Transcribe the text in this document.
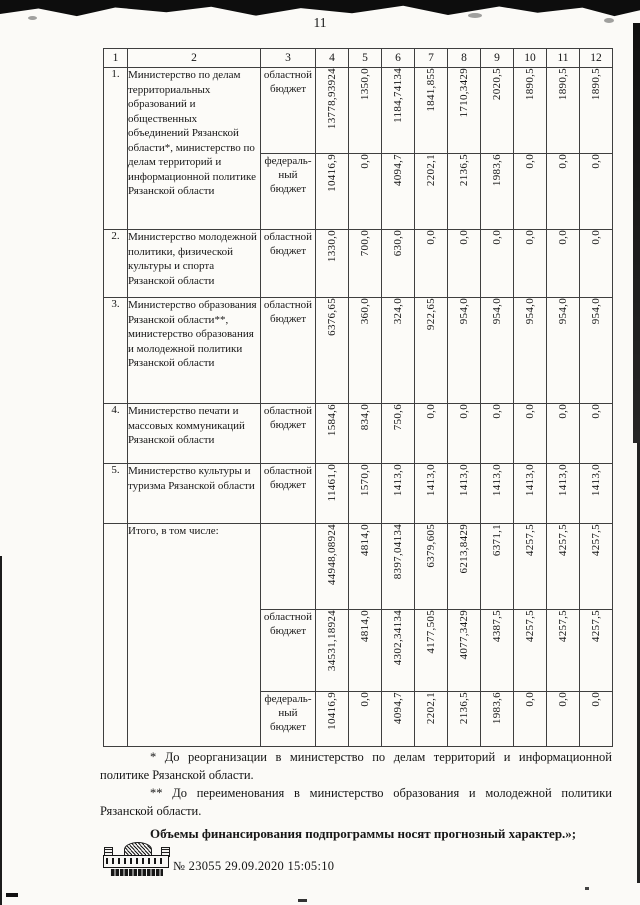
11
1	2	3	4	5	6	7	8	9	10	11	12
1.	Министерство по делам территориальных образований и общественных объединений Рязанской области*, министерство по делам территорий и информационной политике Рязанской области	областной бюджет	13778,93924	1350,0	1184,74134	1841,855	1710,3429	2020,5	1890,5	1890,5	1890,5
		федераль-ный бюджет	10416,9	0,0	4094,7	2202,1	2136,5	1983,6	0,0	0,0	0,0
2.	Министерство молодежной политики, физической культуры и спорта Рязанской области	областной бюджет	1330,0	700,0	630,0	0,0	0,0	0,0	0,0	0,0	0,0
3.	Министерство образования Рязанской области**, министерство образования и молодежной политики Рязанской области	областной бюджет	6376,65	360,0	324,0	922,65	954,0	954,0	954,0	954,0	954,0
4.	Министерство печати и массовых коммуникаций Рязанской области	областной бюджет	1584,6	834,0	750,6	0,0	0,0	0,0	0,0	0,0	0,0
5.	Министерство культуры и туризма Рязанской области	областной бюджет	11461,0	1570,0	1413,0	1413,0	1413,0	1413,0	1413,0	1413,0	1413,0
	Итого, в том числе:		44948,08924	4814,0	8397,04134	6379,605	6213,8429	6371,1	4257,5	4257,5	4257,5
		областной бюджет	34531,18924	4814,0	4302,34134	4177,505	4077,3429	4387,5	4257,5	4257,5	4257,5
		федераль-ный бюджет	10416,9	0,0	4094,7	2202,1	2136,5	1983,6	0,0	0,0	0,0

* До реорганизации в министерство по делам территорий и информационной политике Рязанской области.

** До переименования в министерство образования и молодежной политики Рязанской области.

Объемы финансирования подпрограммы носят прогнозный характер.»;

№ 23055 29.09.2020 15:05:10
